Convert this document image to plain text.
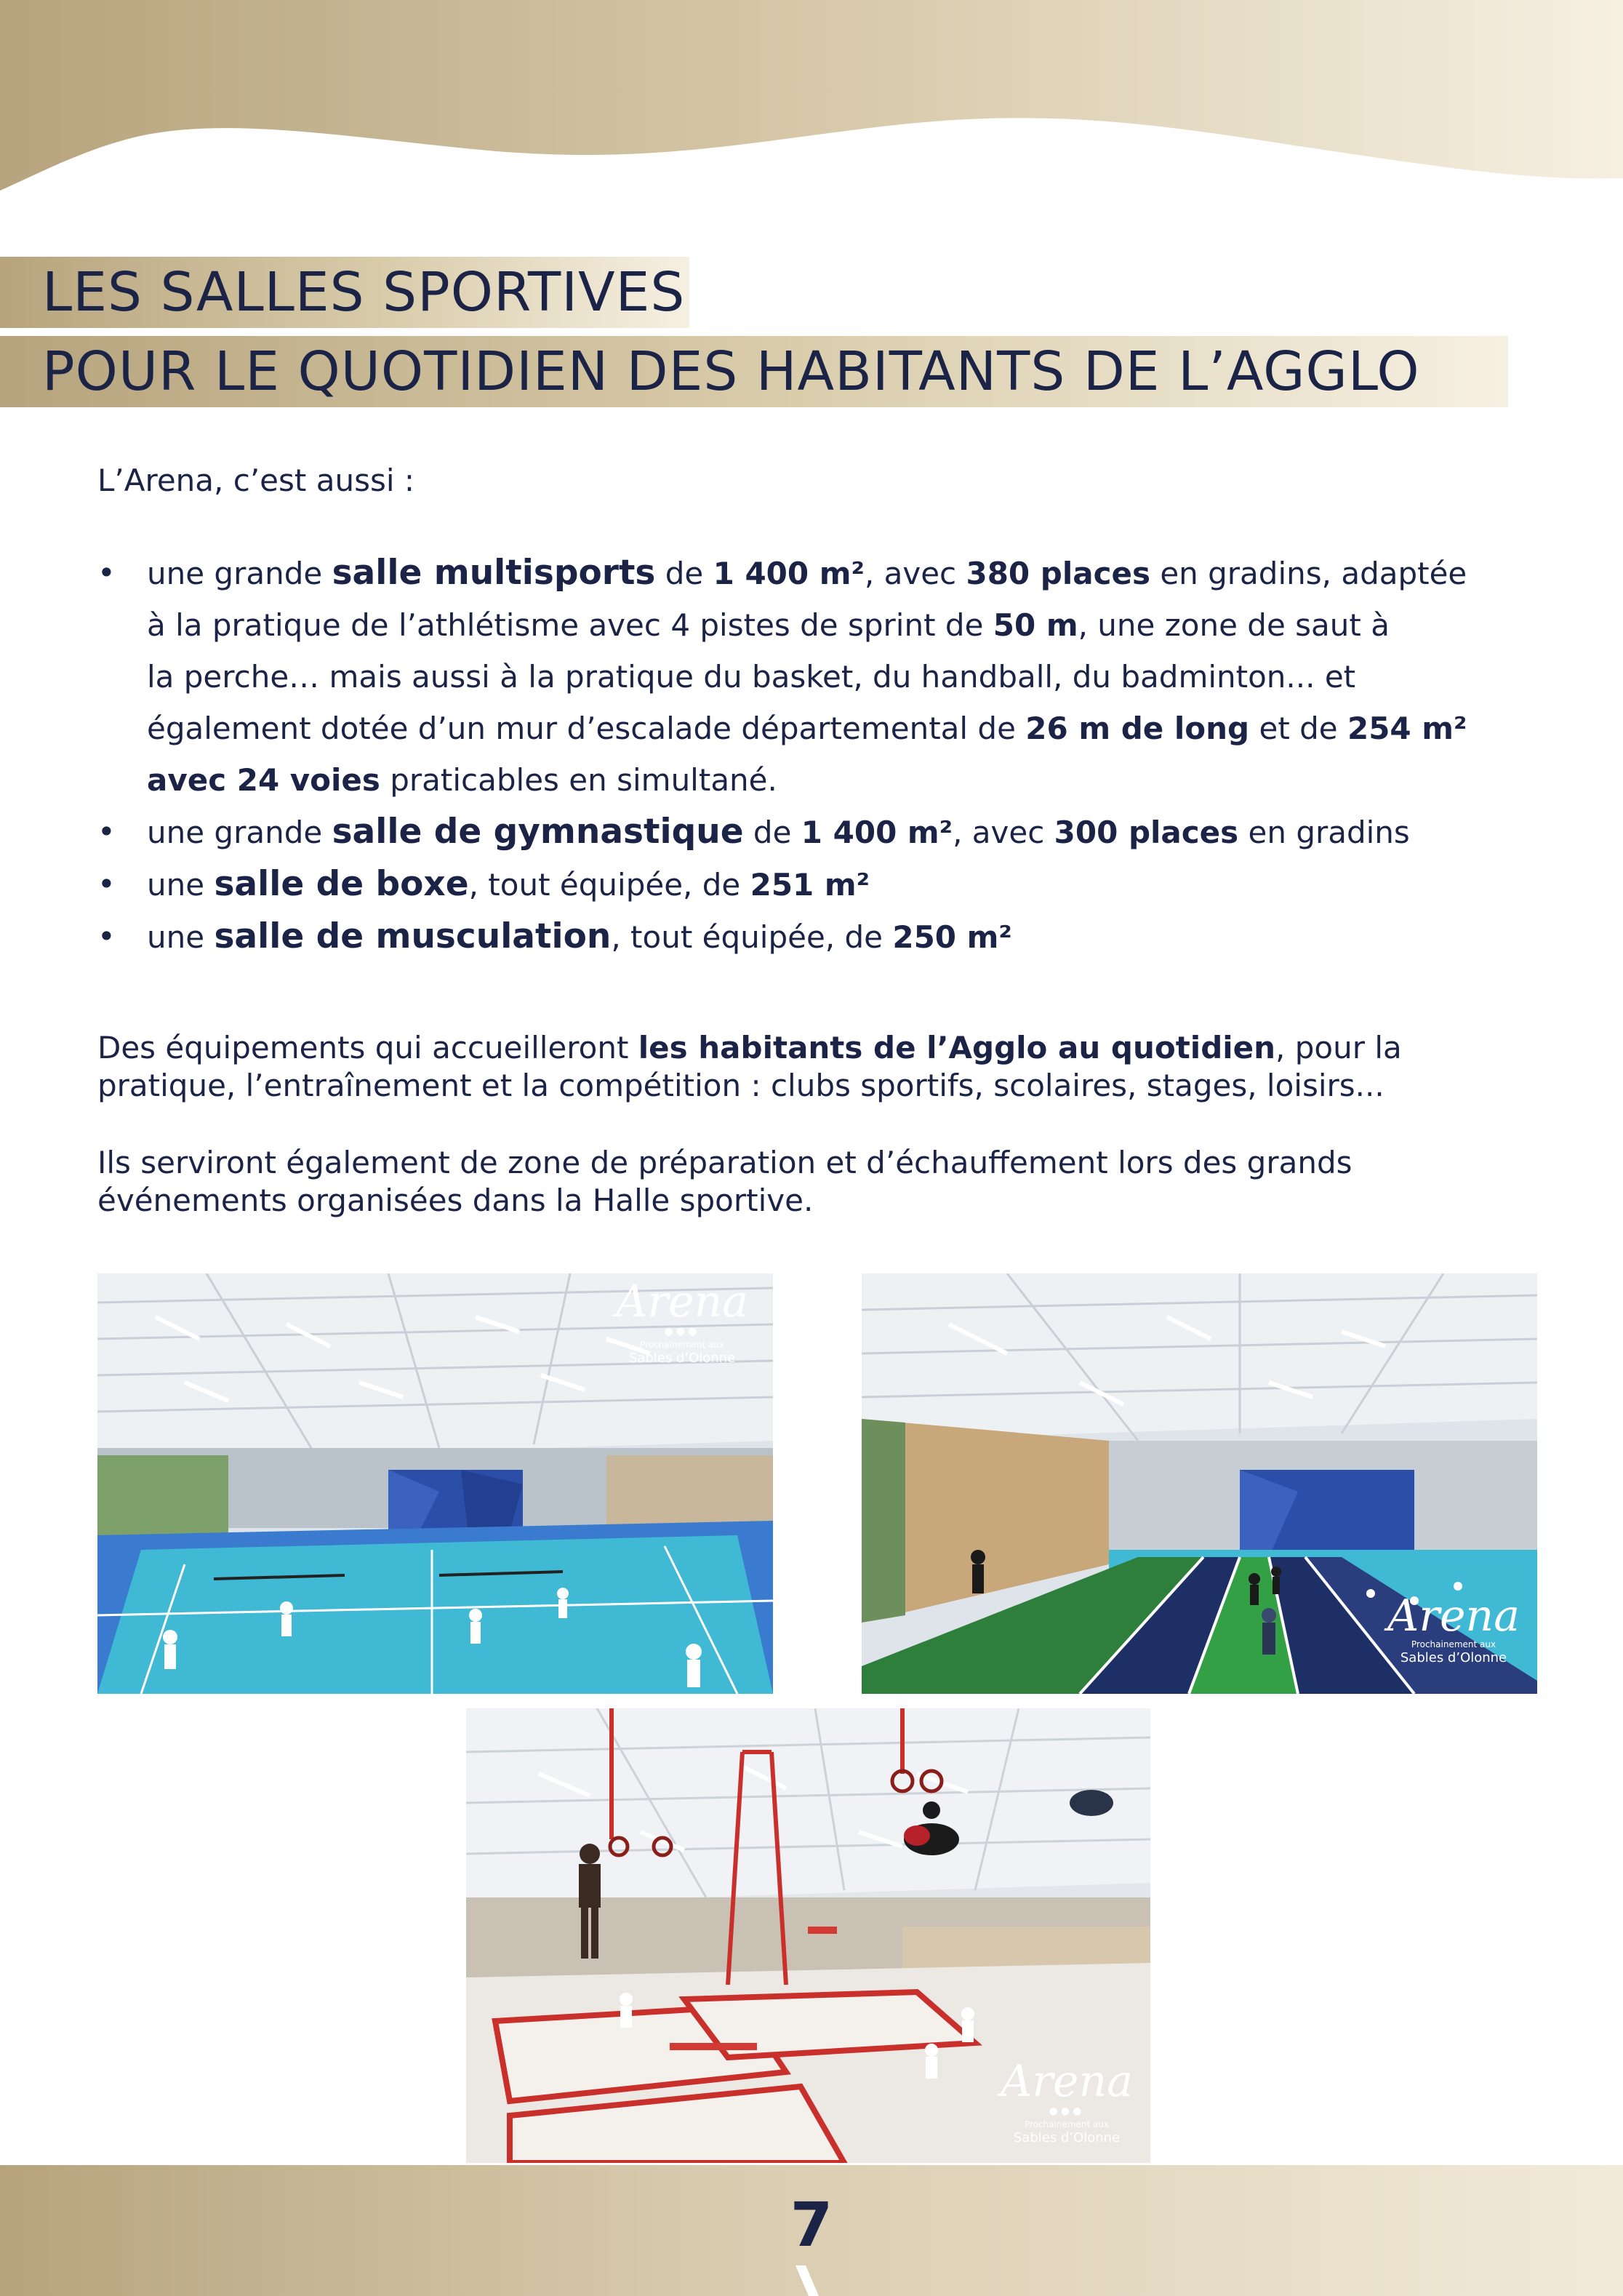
LES SALLES SPORTIVES
POUR LE QUOTIDIEN DES HABITANTS DE L’AGGLO
L’Arena, c’est aussi :
• une grande salle multisports de 1 400 m², avec 380 places en gradins, adaptée
à la pratique de l’athlétisme avec 4 pistes de sprint de 50 m, une zone de saut à
la perche… mais aussi à la pratique du basket, du handball, du badminton... et
également dotée d’un mur d’escalade départemental de 26 m de long et de 254 m²
avec 24 voies praticables en simultané.
• une grande salle de gymnastique de 1 400 m², avec 300 places en gradins
• une salle de boxe, tout équipée, de 251 m²
• une salle de musculation, tout équipée, de 250 m²
Des équipements qui accueilleront les habitants de l’Agglo au quotidien, pour la
pratique, l’entraînement et la compétition : clubs sportifs, scolaires, stages, loisirs...
Ils serviront également de zone de préparation et d’échauffement lors des grands
événements organisées dans la Halle sportive.
Arena
●●●
Prochainement aux
Sables d’Olonne
Arena
Prochainement aux
Sables d’Olonne
Arena
●●●
Prochainement aux
Sables d’Olonne
7
